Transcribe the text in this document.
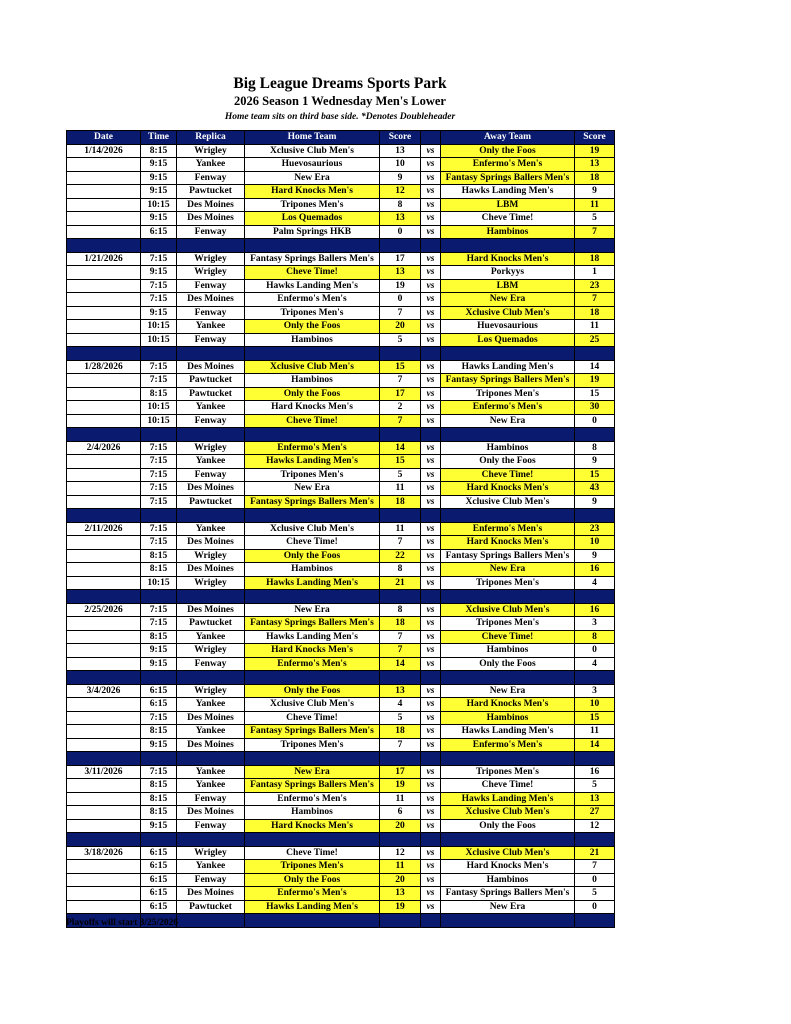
Big League Dreams Sports Park
2026 Season 1 Wednesday Men's Lower
Home team sits on third base side. *Denotes Doubleheader
Date	Time	Replica	Home Team	Score		Away Team	Score
1/14/2026	8:15	Wrigley	Xclusive Club Men's	13	vs	Only the Foos	19
	9:15	Yankee	Huevosaurious	10	vs	Enfermo's Men's	13
	9:15	Fenway	New Era	9	vs	Fantasy Springs Ballers Men's	18
	9:15	Pawtucket	Hard Knocks Men's	12	vs	Hawks Landing Men's	9
	10:15	Des Moines	Tripones Men's	8	vs	LBM	11
	9:15	Des Moines	Los Quemados	13	vs	Cheve Time!	5
	6:15	Fenway	Palm Springs HKB	0	vs	Hambinos	7

1/21/2026	7:15	Wrigley	Fantasy Springs Ballers Men's	17	vs	Hard Knocks Men's	18
	9:15	Wrigley	Cheve Time!	13	vs	Porkyys	1
	7:15	Fenway	Hawks Landing Men's	19	vs	LBM	23
	7:15	Des Moines	Enfermo's Men's	0	vs	New Era	7
	9:15	Fenway	Tripones Men's	7	vs	Xclusive Club Men's	18
	10:15	Yankee	Only the Foos	20	vs	Huevosaurious	11
	10:15	Fenway	Hambinos	5	vs	Los Quemados	25

1/28/2026	7:15	Des Moines	Xclusive Club Men's	15	vs	Hawks Landing Men's	14
	7:15	Pawtucket	Hambinos	7	vs	Fantasy Springs Ballers Men's	19
	8:15	Pawtucket	Only the Foos	17	vs	Tripones Men's	15
	10:15	Yankee	Hard Knocks Men's	2	vs	Enfermo's Men's	30
	10:15	Fenway	Cheve Time!	7	vs	New Era	0

2/4/2026	7:15	Wrigley	Enfermo's Men's	14	vs	Hambinos	8
	7:15	Yankee	Hawks Landing Men's	15	vs	Only the Foos	9
	7:15	Fenway	Tripones Men's	5	vs	Cheve Time!	15
	7:15	Des Moines	New Era	11	vs	Hard Knocks Men's	43
	7:15	Pawtucket	Fantasy Springs Ballers Men's	18	vs	Xclusive Club Men's	9

2/11/2026	7:15	Yankee	Xclusive Club Men's	11	vs	Enfermo's Men's	23
	7:15	Des Moines	Cheve Time!	7	vs	Hard Knocks Men's	10
	8:15	Wrigley	Only the Foos	22	vs	Fantasy Springs Ballers Men's	9
	8:15	Des Moines	Hambinos	8	vs	New Era	16
	10:15	Wrigley	Hawks Landing Men's	21	vs	Tripones Men's	4

2/25/2026	7:15	Des Moines	New Era	8	vs	Xclusive Club Men's	16
	7:15	Pawtucket	Fantasy Springs Ballers Men's	18	vs	Tripones Men's	3
	8:15	Yankee	Hawks Landing Men's	7	vs	Cheve Time!	8
	9:15	Wrigley	Hard Knocks Men's	7	vs	Hambinos	0
	9:15	Fenway	Enfermo's Men's	14	vs	Only the Foos	4

3/4/2026	6:15	Wrigley	Only the Foos	13	vs	New Era	3
	6:15	Yankee	Xclusive Club Men's	4	vs	Hard Knocks Men's	10
	7:15	Des Moines	Cheve Time!	5	vs	Hambinos	15
	8:15	Yankee	Fantasy Springs Ballers Men's	18	vs	Hawks Landing Men's	11
	9:15	Des Moines	Tripones Men's	7	vs	Enfermo's Men's	14

3/11/2026	7:15	Yankee	New Era	17	vs	Tripones Men's	16
	8:15	Yankee	Fantasy Springs Ballers Men's	19	vs	Cheve Time!	5
	8:15	Fenway	Enfermo's Men's	11	vs	Hawks Landing Men's	13
	8:15	Des Moines	Hambinos	6	vs	Xclusive Club Men's	27
	9:15	Fenway	Hard Knocks Men's	20	vs	Only the Foos	12

3/18/2026	6:15	Wrigley	Cheve Time!	12	vs	Xclusive Club Men's	21
	6:15	Yankee	Tripones Men's	11	vs	Hard Knocks Men's	7
	6:15	Fenway	Only the Foos	20	vs	Hambinos	0
	6:15	Des Moines	Enfermo's Men's	13	vs	Fantasy Springs Ballers Men's	5
	6:15	Pawtucket	Hawks Landing Men's	19	vs	New Era	0

Playoffs will start 3/25/2026
